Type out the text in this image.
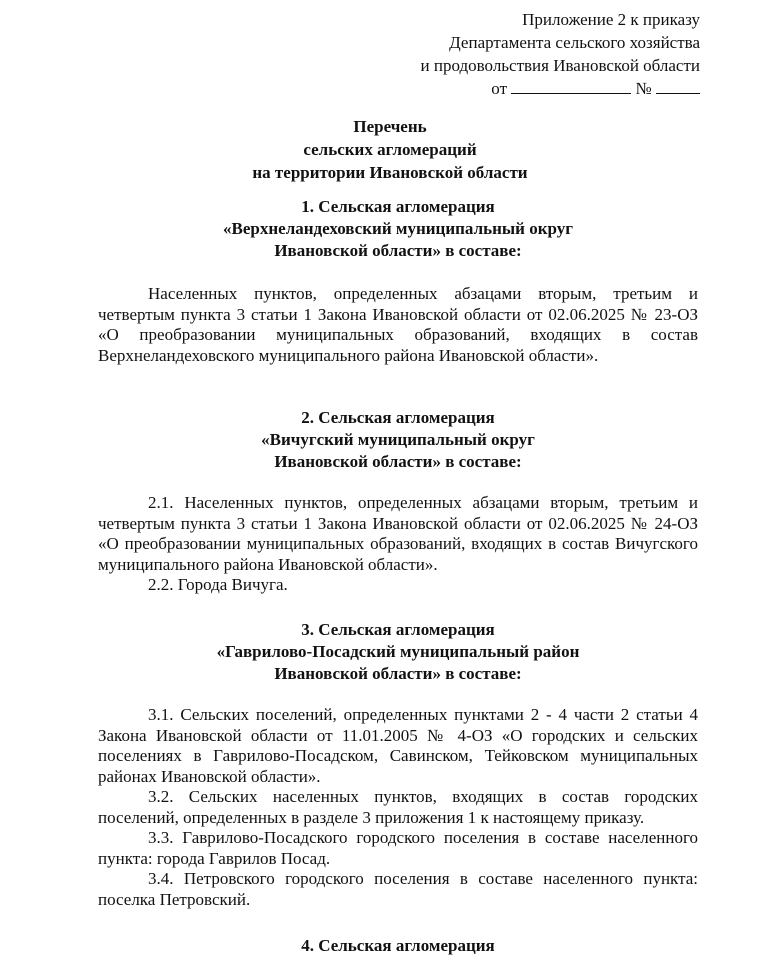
Приложение 2 к приказу
Департамента сельского хозяйства
и продовольствия Ивановской области
от	№
Перечень
сельских агломераций
на территории Ивановской области
1. Сельская агломерация
«Верхнеландеховский муниципальный округ
Ивановской области» в составе:
Населенных пунктов, определенных абзацами вторым, третьим и четвертым пункта 3 статьи 1 Закона Ивановской области от 02.06.2025 № 23-ОЗ «О преобразовании муниципальных образований, входящих в состав Верхнеландеховского муниципального района Ивановской области».
2. Сельская агломерация
«Вичугский муниципальный округ
Ивановской области» в составе:
2.1. Населенных пунктов, определенных абзацами вторым, третьим и четвертым пункта 3 статьи 1 Закона Ивановской области от 02.06.2025 № 24-ОЗ «О преобразовании муниципальных образований, входящих в состав Вичугского муниципального района Ивановской области».
2.2. Города Вичуга.
3. Сельская агломерация
«Гаврилово-Посадский муниципальный район
Ивановской области» в составе:
3.1. Сельских поселений, определенных пунктами 2 - 4 части 2 статьи 4 Закона Ивановской области от 11.01.2005 № 4-ОЗ «О городских и сельских поселениях в Гаврилово-Посадском, Савинском, Тейковском муниципальных районах Ивановской области».
3.2. Сельских населенных пунктов, входящих в состав городских поселений, определенных в разделе 3 приложения 1 к настоящему приказу.
3.3. Гаврилово-Посадского городского поселения в составе населенного пункта: города Гаврилов Посад.
3.4. Петровского городского поселения в составе населенного пункта: поселка Петровский.
4. Сельская агломерация
